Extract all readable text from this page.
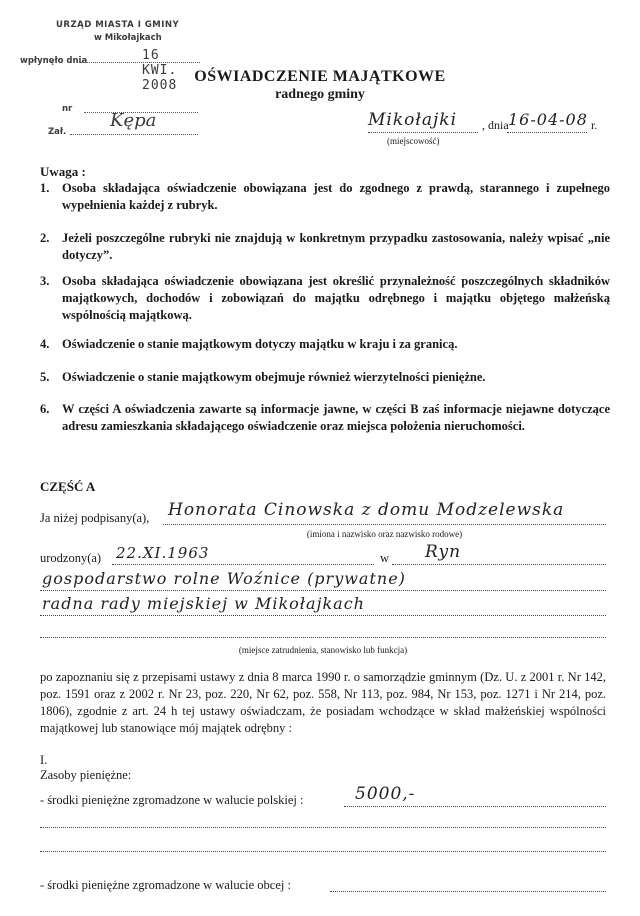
URZĄD MIASTA I GMINY
w Mikołajkach
wpłynęło dnia	16 KWI. 2008
nr
Zał.
Kępa
OŚWIADCZENIE MAJĄTKOWE
radnego gminy
Mikołajki , dnia 16-04-08 r.
(miejscowość)
Uwaga :
1. Osoba składająca oświadczenie obowiązana jest do zgodnego z prawdą, starannego i zupełnego wypełnienia każdej z rubryk.
2. Jeżeli poszczególne rubryki nie znajdują w konkretnym przypadku zastosowania, należy wpisać „nie dotyczy”.
3. Osoba składająca oświadczenie obowiązana jest określić przynależność poszczególnych składników majątkowych, dochodów i zobowiązań do majątku odrębnego i majątku objętego małżeńską wspólnością majątkową.
4. Oświadczenie o stanie majątkowym dotyczy majątku w kraju i za granicą.
5. Oświadczenie o stanie majątkowym obejmuje również wierzytelności pieniężne.
6. W części A oświadczenia zawarte są informacje jawne, w części B zaś informacje niejawne dotyczące adresu zamieszkania składającego oświadczenie oraz miejsca położenia nieruchomości.
CZĘŚĆ A
Ja niżej podpisany(a), Honorata Cinowska z domu Modzelewska
(imiona i nazwisko oraz nazwisko rodowe)
urodzony(a) 22.XI.1963	w Ryn
gospodarstwo rolne Woźnice (prywatne)
radna rady miejskiej w Mikołajkach
(miejsce zatrudnienia, stanowisko lub funkcja)
po zapoznaniu się z przepisami ustawy z dnia 8 marca 1990 r. o samorządzie gminnym (Dz. U. z 2001 r. Nr 142, poz. 1591 oraz z 2002 r. Nr 23, poz. 220, Nr 62, poz. 558, Nr 113, poz. 984, Nr 153, poz. 1271 i Nr 214, poz. 1806), zgodnie z art. 24 h tej ustawy oświadczam, że posiadam wchodzące w skład małżeńskiej wspólności majątkowej lub stanowiące mój majątek odrębny :
I.
Zasoby pieniężne:
- środki pieniężne zgromadzone w walucie polskiej :	5000,-
- środki pieniężne zgromadzone w walucie obcej :
